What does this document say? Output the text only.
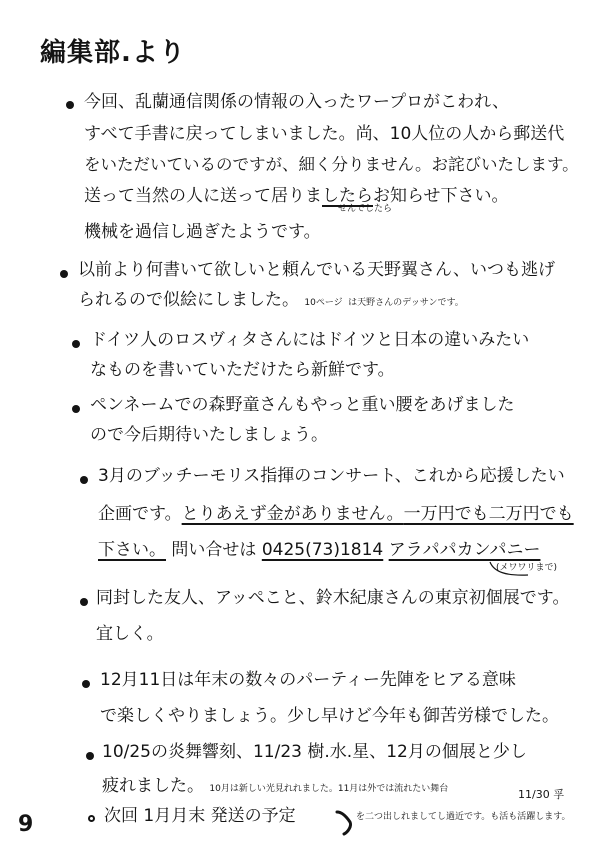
編集部.より
今回、乱蘭通信関係の情報の入ったワープロがこわれ、
すべて手書に戻ってしまいました。尚、10人位の人から郵送代
をいただいているのですが、細く分りません。お詫びいたします。
送って当然の人に送って居りましたらお知らせ下さい。
せんでしたら
機械を過信し過ぎたようです。
以前より何書いて欲しいと頼んでいる天野翼さん、いつも逃げ
られるので似絵にしました。 10ページ は天野さんのデッサンです。
ドイツ人のロスヴィタさんにはドイツと日本の違いみたい
なものを書いていただけたら新鮮です。
ペンネームでの森野童さんもやっと重い腰をあげました
ので今后期待いたしましょう。
3月のブッチーモリス指揮のコンサート、これから応援したい
企画です。とりあえず金がありません。一万円でも二万円でも
下さい。 問い合せは 0425(73)1814 アラパパカンパニー
(メワワリまで)
同封した友人、アッペこと、鈴木紀康さんの東京初個展です。
宜しく。
12月11日は年末の数々のパーティー先陣をヒアる意味
で楽しくやりましょう。少し早けど今年も御苦労様でした。
10/25の炎舞響刻、11/23 樹.水.星、12月の個展と少し
疲れました。 10月は新しい光見れれました。11月は外では流れたい舞台	11/30 孚
次回 1月月末 発送の予定	を二つ出しれましてし過近です。も活も活躍します。
9
